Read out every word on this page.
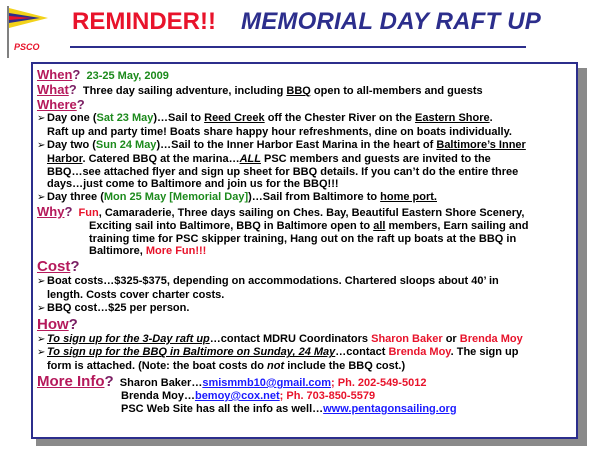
PSCO
REMINDER!! MEMORIAL DAY RAFT UP
When? 23-25 May, 2009
What? Three day sailing adventure, including BBQ open to all-members and guests
Where?
➢ Day one (Sat 23 May)…Sail to Reed Creek off the Chester River on the Eastern Shore.
Raft up and party time! Boats share happy hour refreshments, dine on boats individually.
➢ Day two (Sun 24 May)…Sail to the Inner Harbor East Marina in the heart of Baltimore’s Inner
Harbor. Catered BBQ at the marina…ALL PSC members and guests are invited to the
BBQ…see attached flyer and sign up sheet for BBQ details. If you can’t do the entire three
days…just come to Baltimore and join us for the BBQ!!!
➢ Day three (Mon 25 May [Memorial Day])…Sail from Baltimore to home port.
Why? Fun, Camaraderie, Three days sailing on Ches. Bay, Beautiful Eastern Shore Scenery,
Exciting sail into Baltimore, BBQ in Baltimore open to all members, Earn sailing and
training time for PSC skipper training, Hang out on the raft up boats at the BBQ in
Baltimore, More Fun!!!
Cost?
➢ Boat costs…$325-$375, depending on accommodations. Chartered sloops about 40’ in
length. Costs cover charter costs.
➢ BBQ cost…$25 per person.
How?
➢ To sign up for the 3-Day raft up…contact MDRU Coordinators Sharon Baker or Brenda Moy
➢ To sign up for the BBQ in Baltimore on Sunday, 24 May…contact Brenda Moy. The sign up
form is attached. (Note: the boat costs do not include the BBQ cost.)
More Info? Sharon Baker…smismmb10@gmail.com; Ph. 202-549-5012
Brenda Moy…bemoy@cox.net; Ph. 703-850-5579
PSC Web Site has all the info as well…www.pentagonsailing.org
